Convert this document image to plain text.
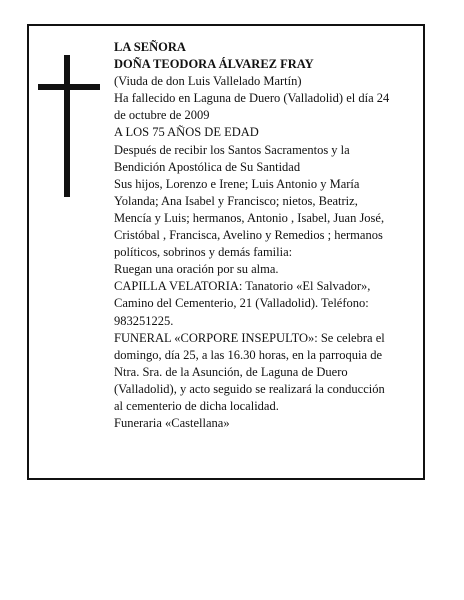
LA SEÑORA
DOÑA TEODORA ÁLVAREZ FRAY
(Viuda de don Luis Vallelado Martín)
Ha fallecido en Laguna de Duero (Valladolid) el día 24
de octubre de 2009
A LOS 75 AÑOS DE EDAD
Después de recibir los Santos Sacramentos y la
Bendición Apostólica de Su Santidad
Sus hijos, Lorenzo e Irene; Luis Antonio y María
Yolanda; Ana Isabel y Francisco; nietos, Beatriz,
Mencía y Luis; hermanos, Antonio , Isabel, Juan José,
Cristóbal , Francisca, Avelino y Remedios ; hermanos
políticos, sobrinos y demás familia:
Ruegan una oración por su alma.
CAPILLA VELATORIA: Tanatorio «El Salvador»,
Camino del Cementerio, 21 (Valladolid). Teléfono:
983251225.
FUNERAL «CORPORE INSEPULTO»: Se celebra el
domingo, día 25, a las 16.30 horas, en la parroquia de
Ntra. Sra. de la Asunción, de Laguna de Duero
(Valladolid), y acto seguido se realizará la conducción
al cementerio de dicha localidad.
Funeraria «Castellana»
